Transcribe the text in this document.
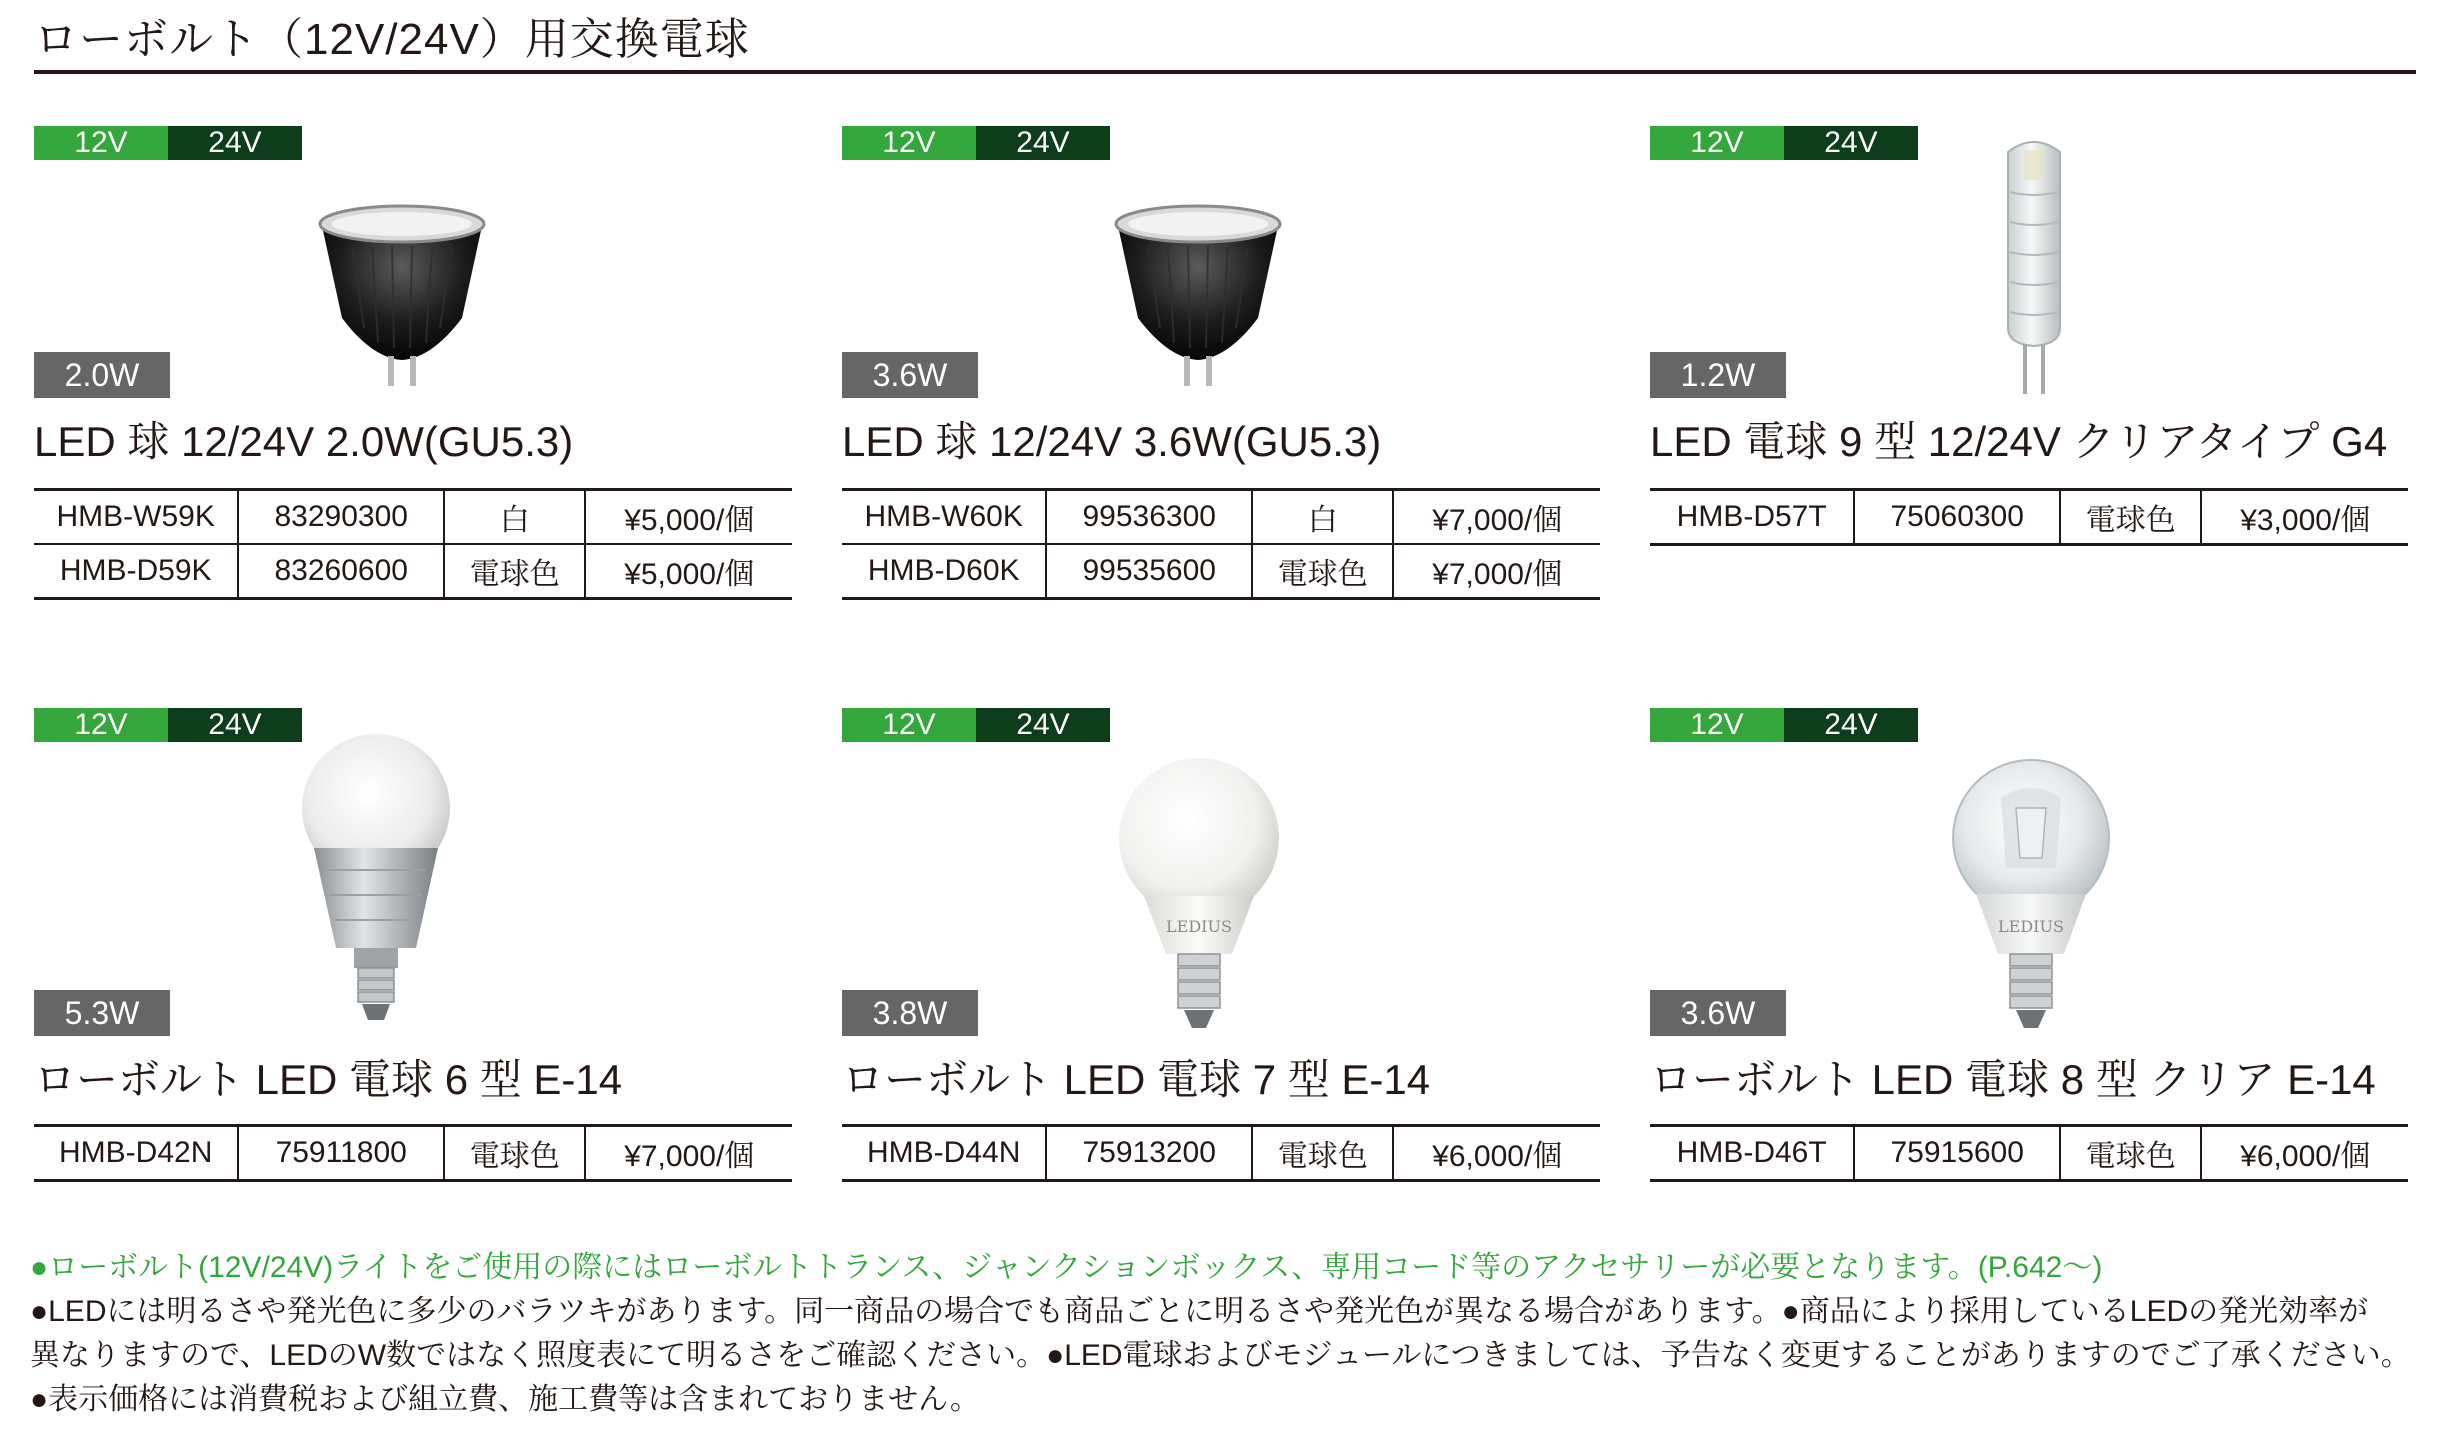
ローボルト（12V/24V）用交換電球
12V	24V
2.0W
LED 球 12/24V 2.0W(GU5.3)
HMB-W59K	83290300	白	¥5,000/個
HMB-D59K	83260600	電球色	¥5,000/個
12V	24V
3.6W
LED 球 12/24V 3.6W(GU5.3)
HMB-W60K	99536300	白	¥7,000/個
HMB-D60K	99535600	電球色	¥7,000/個
12V	24V
1.2W
LED 電球 9 型 12/24V クリアタイプ G4
HMB-D57T	75060300	電球色	¥3,000/個
12V	24V
5.3W
ローボルト LED 電球 6 型 E-14
HMB-D42N	75911800	電球色	¥7,000/個
12V	24V
LEDIUS
3.8W
ローボルト LED 電球 7 型 E-14
HMB-D44N	75913200	電球色	¥6,000/個
12V	24V
LEDIUS
3.6W
ローボルト LED 電球 8 型 クリア E-14
HMB-D46T	75915600	電球色	¥6,000/個
●ローボルト(12V/24V)ライトをご使用の際にはローボルトトランス、ジャンクションボックス、専用コード等のアクセサリーが必要となります。(P.642〜)
●LEDには明るさや発光色に多少のバラツキがあります。同一商品の場合でも商品ごとに明るさや発光色が異なる場合があります。●商品により採用しているLEDの発光効率が
異なりますので、LEDのW数ではなく照度表にて明るさをご確認ください。●LED電球およびモジュールにつきましては、予告なく変更することがありますのでご了承ください。
●表示価格には消費税および組立費、施工費等は含まれておりません。
